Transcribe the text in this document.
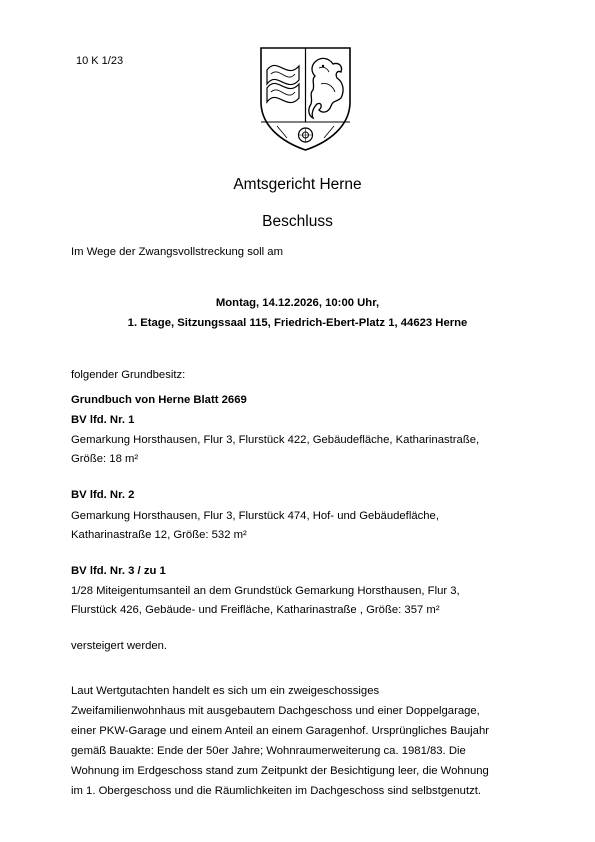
10 K 1/23
Amtsgericht Herne
Beschluss
Im Wege der Zwangsvollstreckung soll am
Montag, 14.12.2026, 10:00 Uhr,
1. Etage, Sitzungssaal 115, Friedrich-Ebert-Platz 1, 44623 Herne
folgender Grundbesitz:
Grundbuch von Herne Blatt 2669
BV lfd. Nr. 1
Gemarkung Horsthausen, Flur 3, Flurstück 422, Gebäudefläche, Katharinastraße,
Größe: 18 m²
BV lfd. Nr. 2
Gemarkung Horsthausen, Flur 3, Flurstück 474, Hof- und Gebäudefläche,
Katharinastraße 12, Größe: 532 m²
BV lfd. Nr. 3 / zu 1
1/28 Miteigentumsanteil an dem Grundstück Gemarkung Horsthausen, Flur 3,
Flurstück 426, Gebäude- und Freifläche, Katharinastraße , Größe: 357 m²
versteigert werden.
Laut Wertgutachten handelt es sich um ein zweigeschossiges
Zweifamilienwohnhaus mit ausgebautem Dachgeschoss und einer Doppelgarage,
einer PKW-Garage und einem Anteil an einem Garagenhof. Ursprüngliches Baujahr
gemäß Bauakte: Ende der 50er Jahre; Wohnraumerweiterung ca. 1981/83. Die
Wohnung im Erdgeschoss stand zum Zeitpunkt der Besichtigung leer, die Wohnung
im 1. Obergeschoss und die Räumlichkeiten im Dachgeschoss sind selbstgenutzt.
